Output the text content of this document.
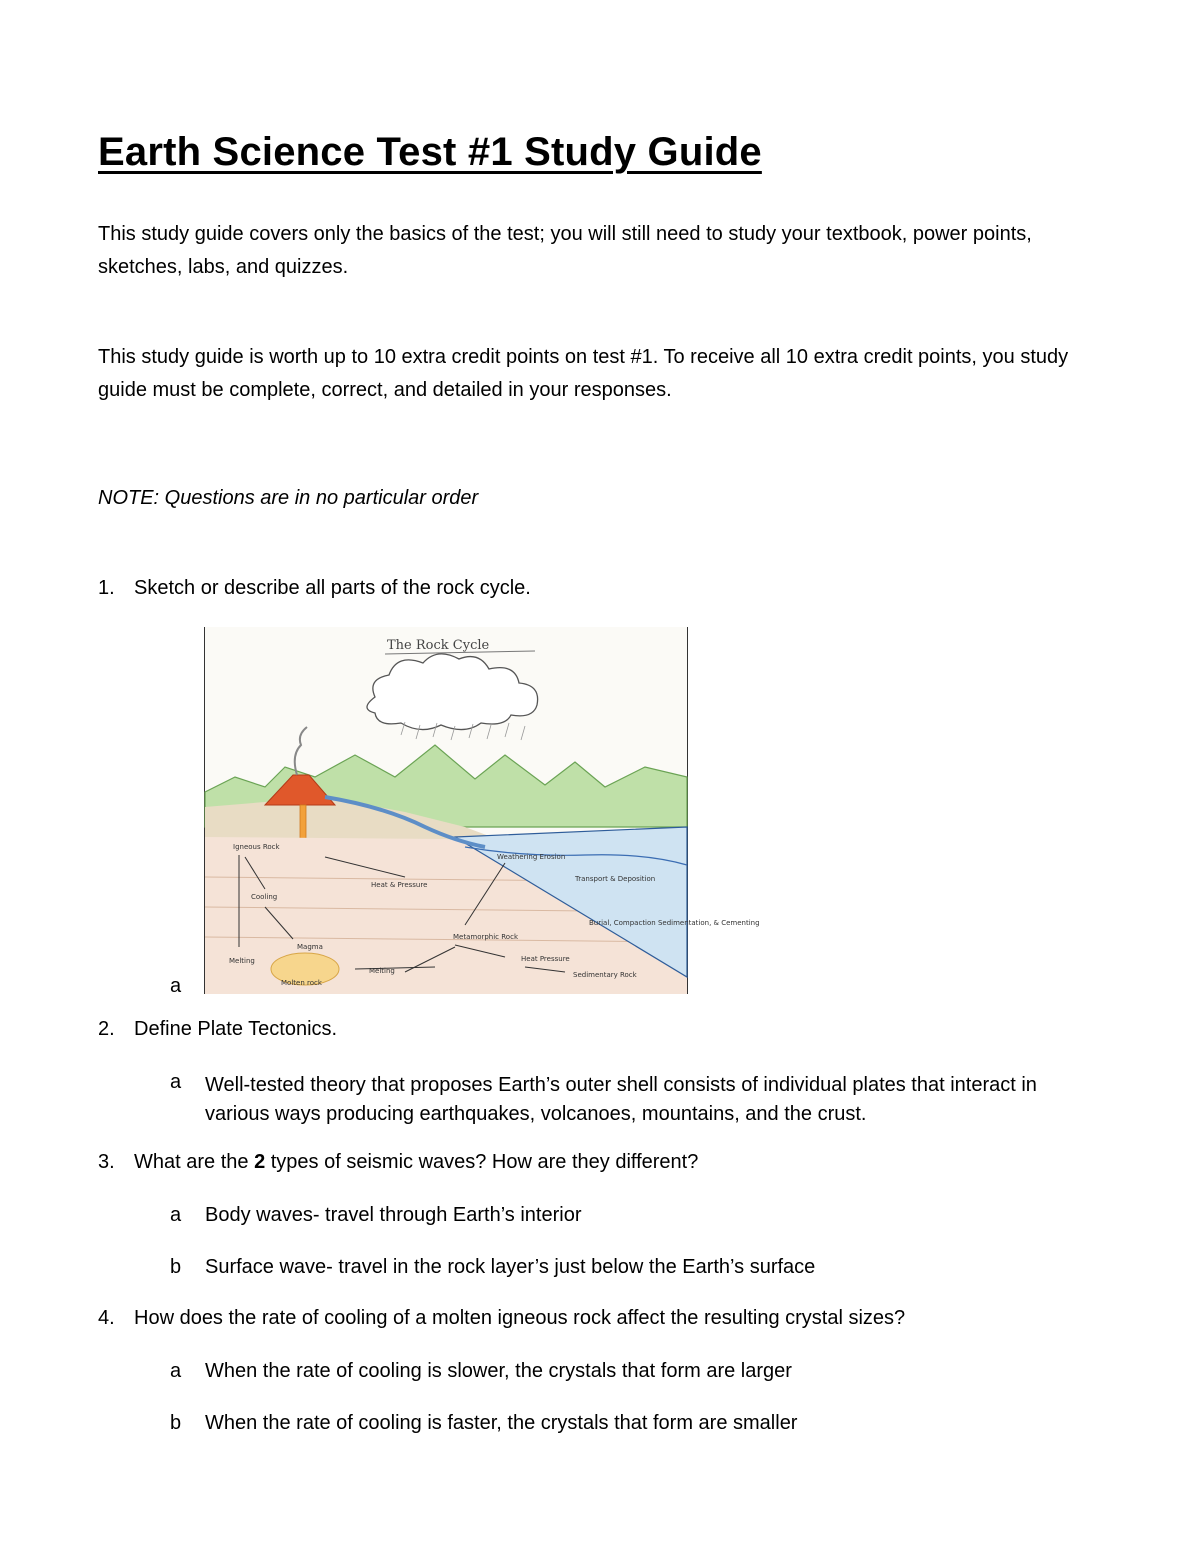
Earth Science Test #1 Study Guide
This study guide covers only the basics of the test; you will still need to study your textbook, power points, sketches, labs, and quizzes.
This study guide is worth up to 10 extra credit points on test #1. To receive all 10 extra credit points, you study guide must be complete, correct, and detailed in your responses.
NOTE: Questions are in no particular order
1. Sketch or describe all parts of the rock cycle.
The Rock Cycle
Igneous Rock
Cooling
Melting
Magma
Molten rock
Heat & Pressure
Weathering Erosion
Transport & Deposition
Burial, Compaction Sedimentation, & Cementing
Metamorphic Rock
Melting
Heat Pressure
Sedimentary Rock
a
2. Define Plate Tectonics.
a Well-tested theory that proposes Earth’s outer shell consists of individual plates that interact in various ways producing earthquakes, volcanoes, mountains, and the crust.
3. What are the 2 types of seismic waves? How are they different?
a Body waves- travel through Earth’s interior
b Surface wave- travel in the rock layer’s just below the Earth’s surface
4. How does the rate of cooling of a molten igneous rock affect the resulting crystal sizes?
a When the rate of cooling is slower, the crystals that form are larger
b When the rate of cooling is faster, the crystals that form are smaller
